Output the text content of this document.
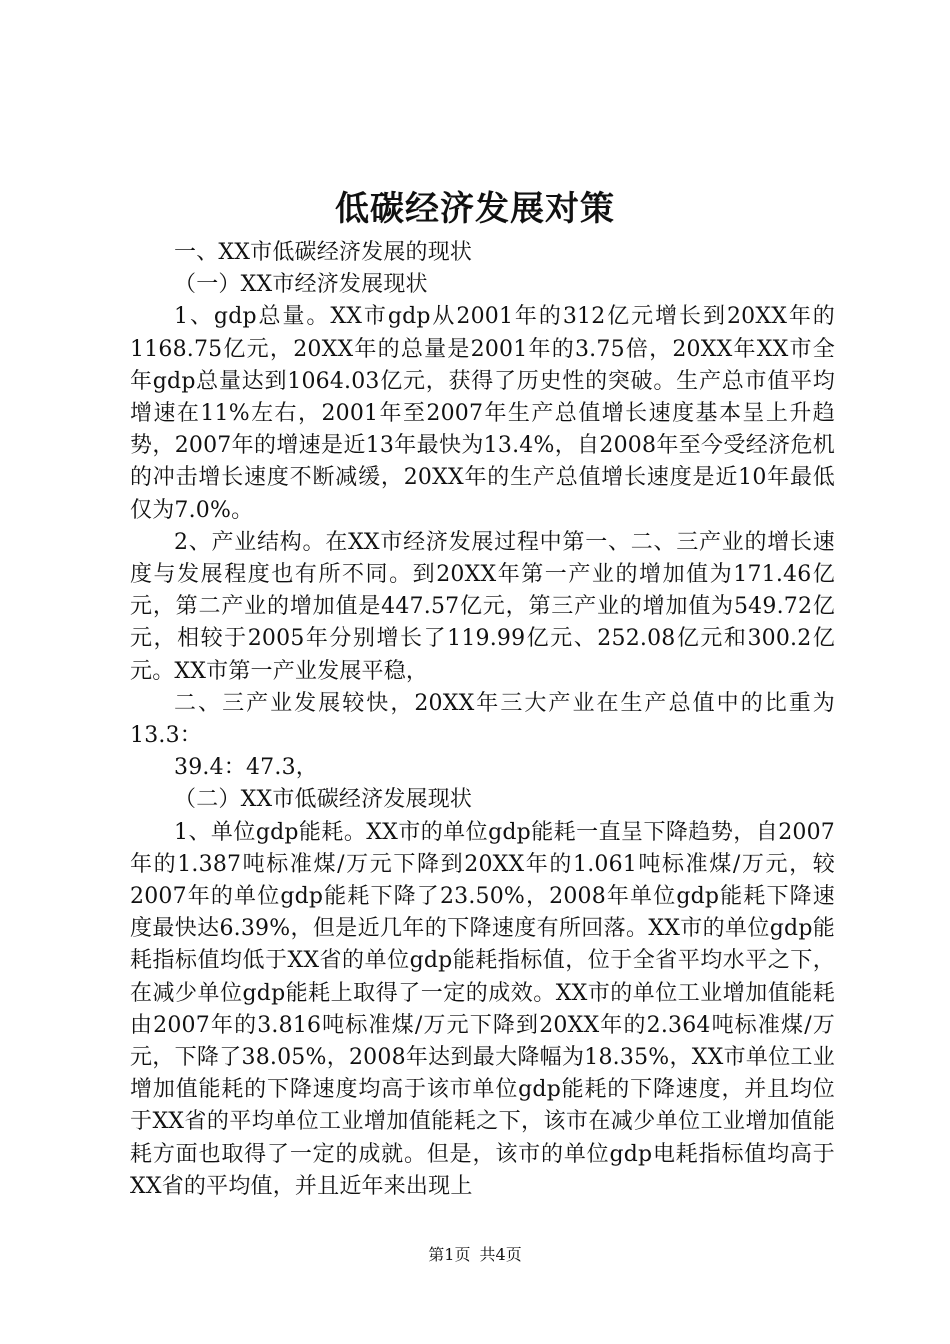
低碳经济发展对策

一、XX市低碳经济发展的现状

（一）XX市经济发展现状

1、gdp总量。XX市gdp从2001年的312亿元增长到20XX年的1168.75亿元，20XX年的总量是2001年的3.75倍，20XX年XX市全年gdp总量达到1064.03亿元，获得了历史性的突破。生产总市值平均增速在11%左右，2001年至2007年生产总值增长速度基本呈上升趋势，2007年的增速是近13年最快为13.4%，自2008年至今受经济危机的冲击增长速度不断减缓，20XX年的生产总值增长速度是近10年最低仅为7.0%。

2、产业结构。在XX市经济发展过程中第一、二、三产业的增长速度与发展程度也有所不同。到20XX年第一产业的增加值为171.46亿元，第二产业的增加值是447.57亿元，第三产业的增加值为549.72亿元，相较于2005年分别增长了119.99亿元、252.08亿元和300.2亿元。XX市第一产业发展平稳，

二、三产业发展较快，20XX年三大产业在生产总值中的比重为13.3：

39.4：47.3，

（二）XX市低碳经济发展现状

1、单位gdp能耗。XX市的单位gdp能耗一直呈下降趋势，自2007年的1.387吨标准煤/万元下降到20XX年的1.061吨标准煤/万元，较2007年的单位gdp能耗下降了23.50%，2008年单位gdp能耗下降速度最快达6.39%，但是近几年的下降速度有所回落。XX市的单位gdp能耗指标值均低于XX省的单位gdp能耗指标值，位于全省平均水平之下，在减少单位gdp能耗上取得了一定的成效。XX市的单位工业增加值能耗由2007年的3.816吨标准煤/万元下降到20XX年的2.364吨标准煤/万元，下降了38.05%，2008年达到最大降幅为18.35%，XX市单位工业增加值能耗的下降速度均高于该市单位gdp能耗的下降速度，并且均位于XX省的平均单位工业增加值能耗之下，该市在减少单位工业增加值能耗方面也取得了一定的成就。但是，该市的单位gdp电耗指标值均高于XX省的平均值，并且近年来出现上

第1页 共4页
